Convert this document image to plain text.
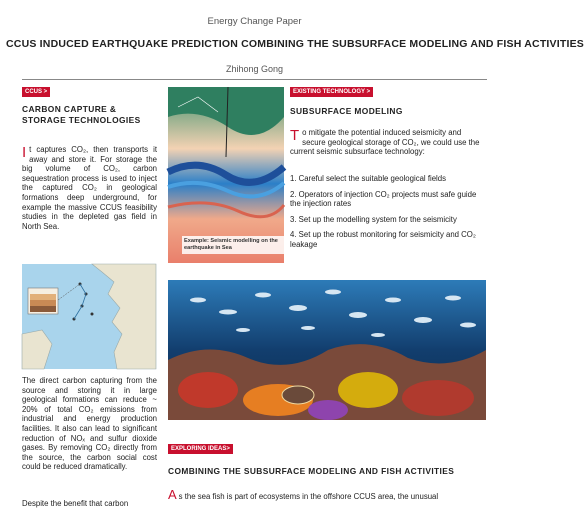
Energy Change Paper
CCUS INDUCED EARTHQUAKE PREDICTION COMBINING THE SUBSURFACE MODELING AND FISH ACTIVITIES
Zhihong Gong
CCUS >
CARBON CAPTURE & STORAGE TECHNOLOGIES
It captures CO₂, then transports it away and store it. For storage the big volume of CO₂, carbon sequestration process is used to inject the captured CO₂ in geological formations deep underground, for example the massive CCUS feasibility studies in the depleted gas field in North Sea.
The direct carbon capturing from the source and storing it in large geological formations can reduce ~ 20% of total CO₂ emissions from industrial and energy production facilities. It also can lead to significant reduction of NOₓ and sulfur dioxide gases. By removing CO₂ directly from the source, the carbon social cost could be reduced dramatically.
Despite the benefit that carbon
Example: Seismic modelling on the earthquake in Sea
EXISTING TECHNOLOGY >
SUBSURFACE MODELING
To mitigate the potential induced seismicity and secure geological storage of CO₂, we could use the current seismic subsurface technology:

1. Careful select the suitable geological fields

2. Operators of injection CO₂ projects must safe guide the injection rates

3. Set up the modelling system for the seismicity

4. Set up the robust monitoring for seismicity and CO₂ leakage

EXPLORING IDEAS>
COMBINING THE SUBSURFACE MODELING AND FISH ACTIVITIES
As the sea fish is part of ecosystems in the offshore CCUS area, the unusual
